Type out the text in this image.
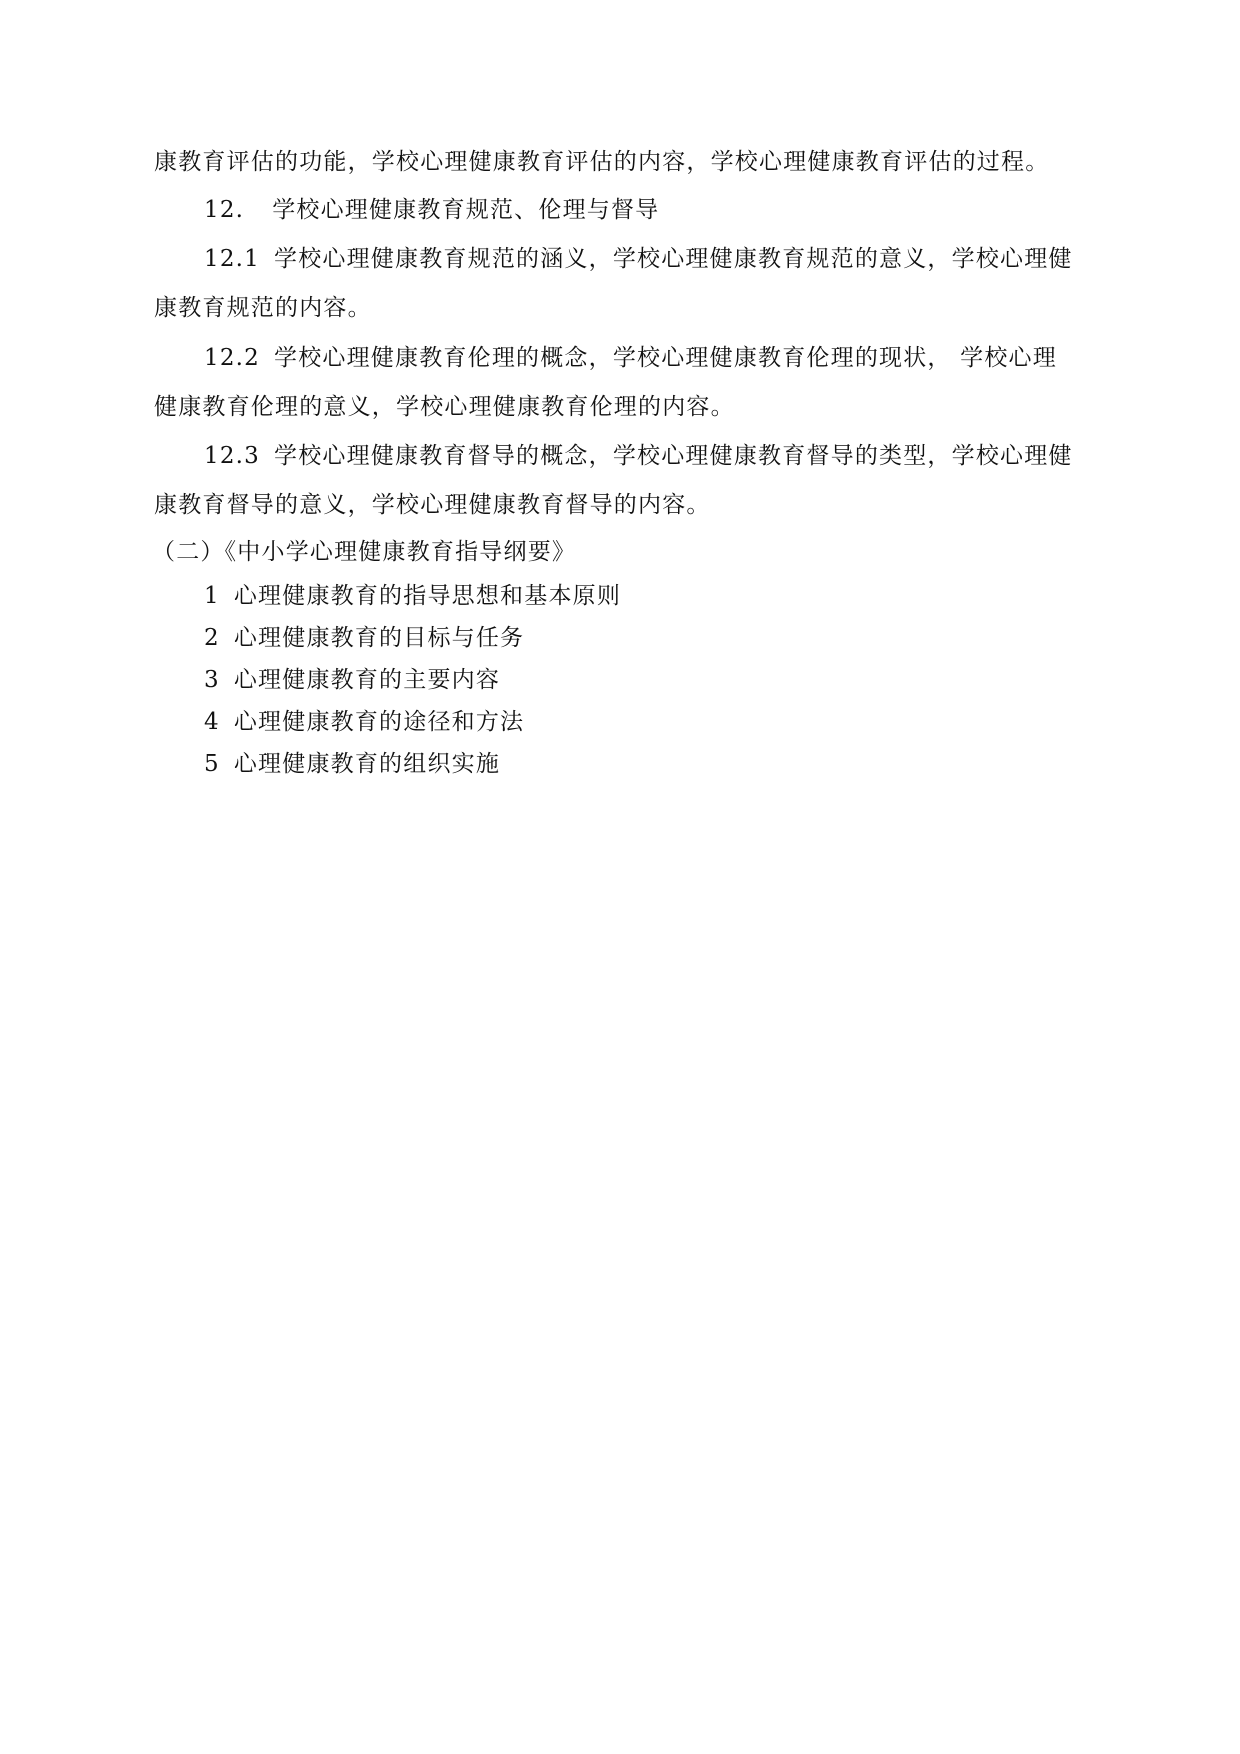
康教育评估的功能，学校心理健康教育评估的内容，学校心理健康教育评估的过程。
12. 学校心理健康教育规范、伦理与督导
12.1 学校心理健康教育规范的涵义，学校心理健康教育规范的意义，学校心理健
康教育规范的内容。
12.2 学校心理健康教育伦理的概念，学校心理健康教育伦理的现状， 学校心理
健康教育伦理的意义，学校心理健康教育伦理的内容。
12.3 学校心理健康教育督导的概念，学校心理健康教育督导的类型，学校心理健
康教育督导的意义，学校心理健康教育督导的内容。
（二）《中小学心理健康教育指导纲要》
1 心理健康教育的指导思想和基本原则
2 心理健康教育的目标与任务
3 心理健康教育的主要内容
4 心理健康教育的途径和方法
5 心理健康教育的组织实施
